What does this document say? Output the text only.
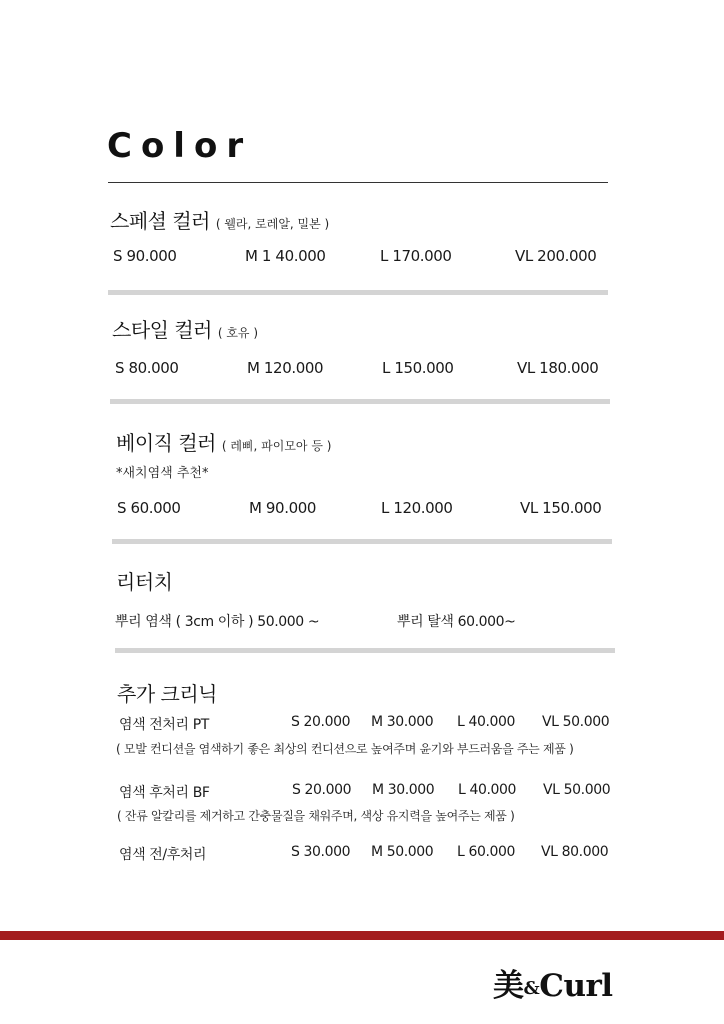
Color
스페셜 컬러 ( 웰라, 로레알, 밀본 )
S 90.000	M 1 40.000	L 170.000	VL 200.000
스타일 컬러 ( 호유 )
S 80.000	M 120.000	L 150.000	VL 180.000
베이직 컬러 ( 레삐, 파이모아 등 )
*새치염색 추천*
S 60.000	M 90.000	L 120.000	VL 150.000
리터치
뿌리 염색 ( 3cm 이하 ) 50.000 ~	뿌리 탈색 60.000~
추가 크리닉
염색 전처리 PT	S 20.000 M 30.000 L 40.000 VL 50.000
( 모발 컨디션을 염색하기 좋은 최상의 컨디션으로 높여주며 윤기와 부드러움을 주는 제품 )
염색 후처리 BF	S 20.000 M 30.000 L 40.000 VL 50.000
( 잔류 알칼리를 제거하고 간충물질을 채워주며, 색상 유지력을 높여주는 제품 )
염색 전/후처리	S 30.000 M 50.000 L 60.000 VL 80.000
美&Curl
